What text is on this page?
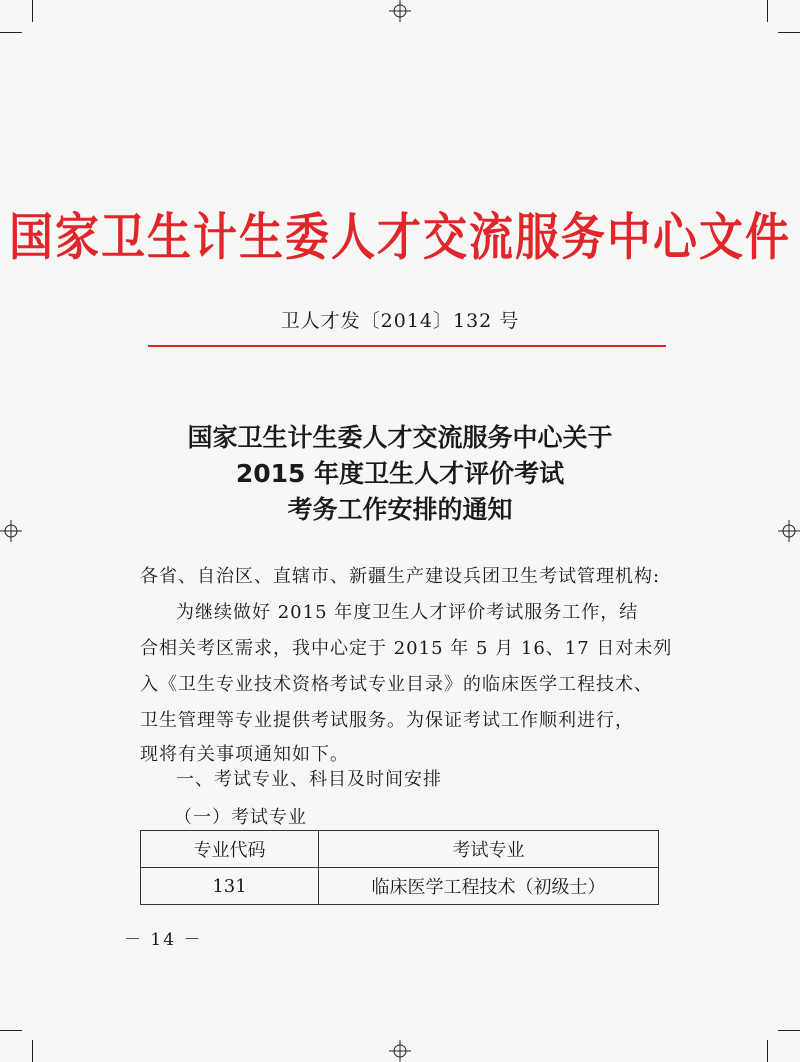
国家卫生计生委人才交流服务中心文件
卫人才发〔2014〕132 号
国家卫生计生委人才交流服务中心关于
2015 年度卫生人才评价考试
考务工作安排的通知
各省、自治区、直辖市、新疆生产建设兵团卫生考试管理机构:
为继续做好 2015 年度卫生人才评价考试服务工作，结
合相关考区需求，我中心定于 2015 年 5 月 16、17 日对未列
入《卫生专业技术资格考试专业目录》的临床医学工程技术、
卫生管理等专业提供考试服务。为保证考试工作顺利进行，
现将有关事项通知如下。
一、考试专业、科目及时间安排
（一）考试专业
专业代码	考试专业
131	临床医学工程技术（初级士）
－ 14 －
